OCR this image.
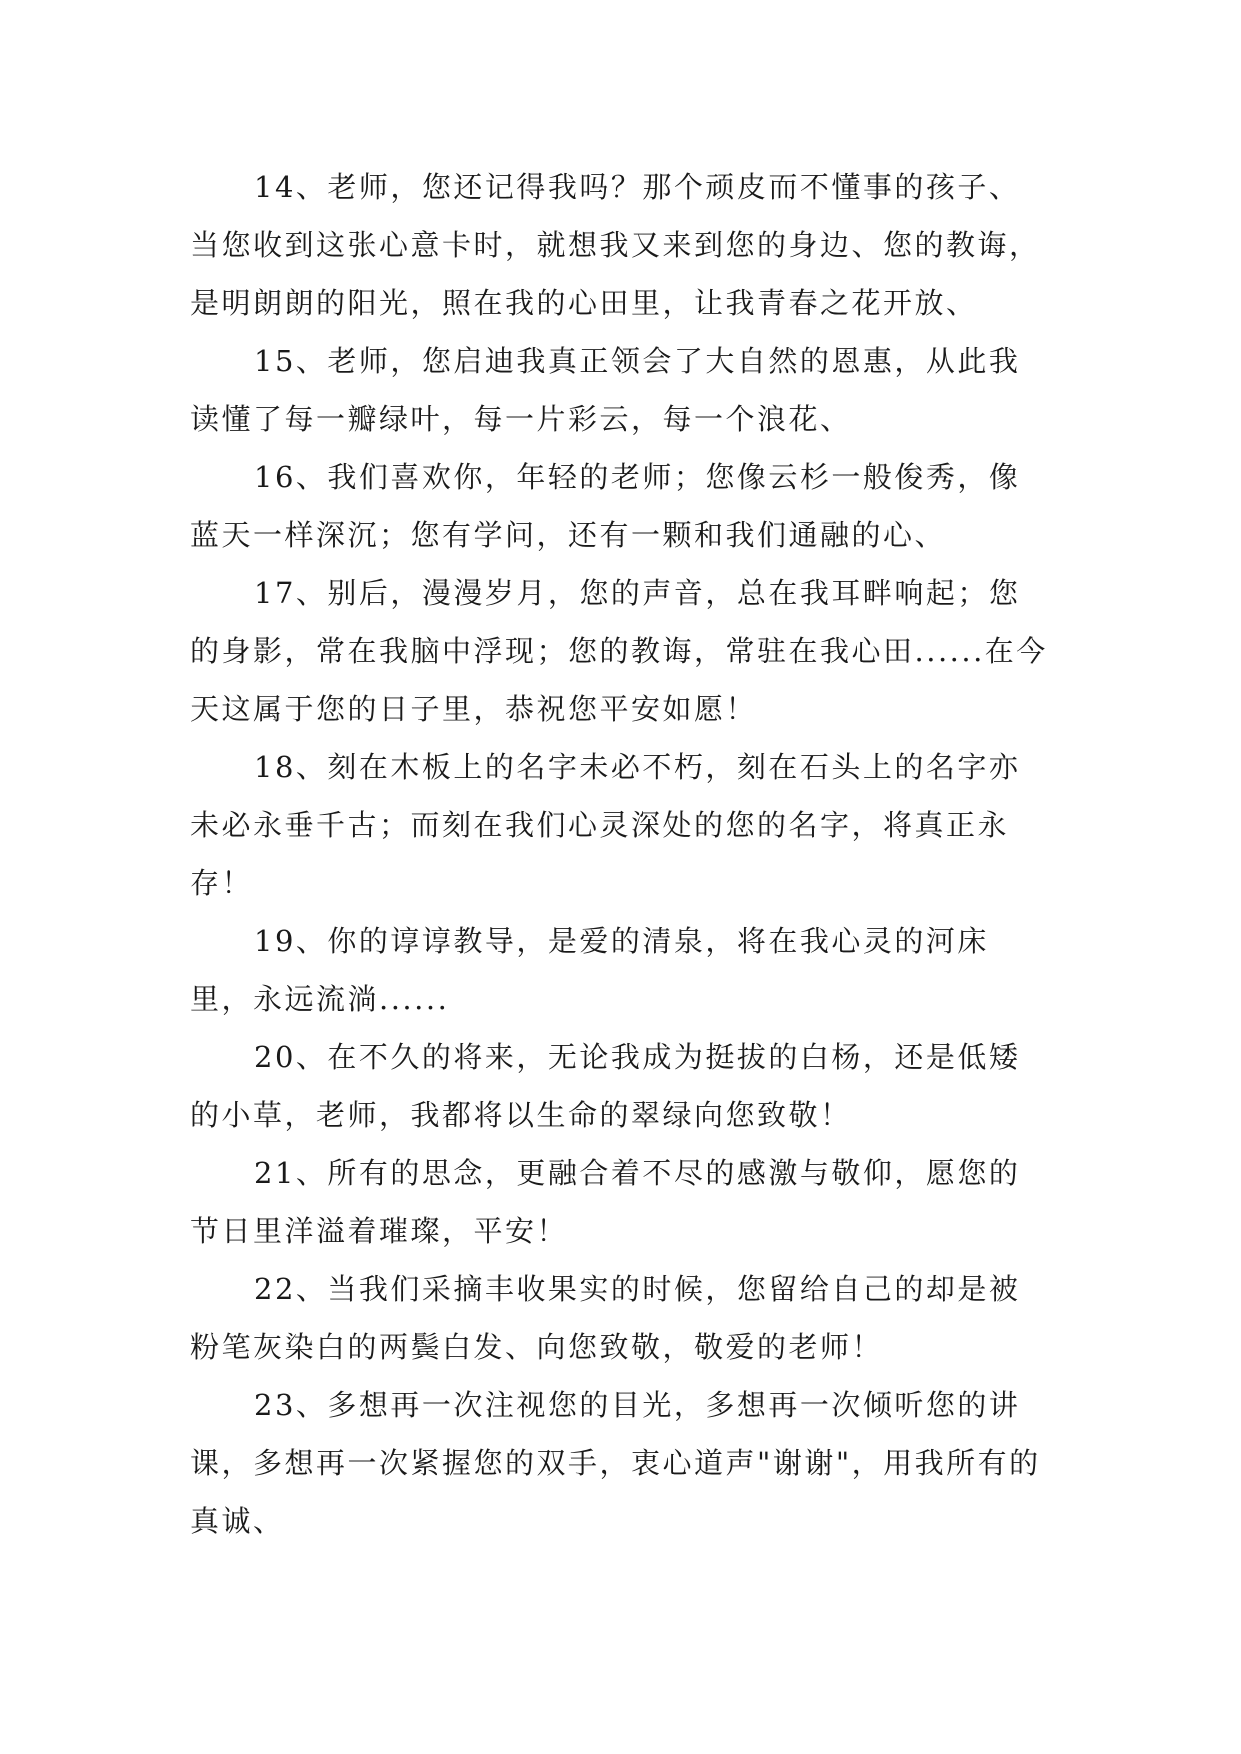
14、老师，您还记得我吗？那个顽皮而不懂事的孩子、当您收到这张心意卡时，就想我又来到您的身边、您的教诲，是明朗朗的阳光，照在我的心田里，让我青春之花开放、

15、老师，您启迪我真正领会了大自然的恩惠，从此我读懂了每一瓣绿叶，每一片彩云，每一个浪花、

16、我们喜欢你，年轻的老师；您像云杉一般俊秀，像蓝天一样深沉；您有学问，还有一颗和我们通融的心、

17、别后，漫漫岁月，您的声音，总在我耳畔响起；您的身影，常在我脑中浮现；您的教诲，常驻在我心田......在今天这属于您的日子里，恭祝您平安如愿！

18、刻在木板上的名字未必不朽，刻在石头上的名字亦未必永垂千古；而刻在我们心灵深处的您的名字，将真正永存！

19、你的谆谆教导，是爱的清泉，将在我心灵的河床里，永远流淌......

20、在不久的将来，无论我成为挺拔的白杨，还是低矮的小草，老师，我都将以生命的翠绿向您致敬！

21、所有的思念，更融合着不尽的感激与敬仰，愿您的节日里洋溢着璀璨，平安！

22、当我们采摘丰收果实的时候，您留给自己的却是被粉笔灰染白的两鬓白发、向您致敬，敬爱的老师！

23、多想再一次注视您的目光，多想再一次倾听您的讲课，多想再一次紧握您的双手，衷心道声"谢谢"，用我所有的真诚、
